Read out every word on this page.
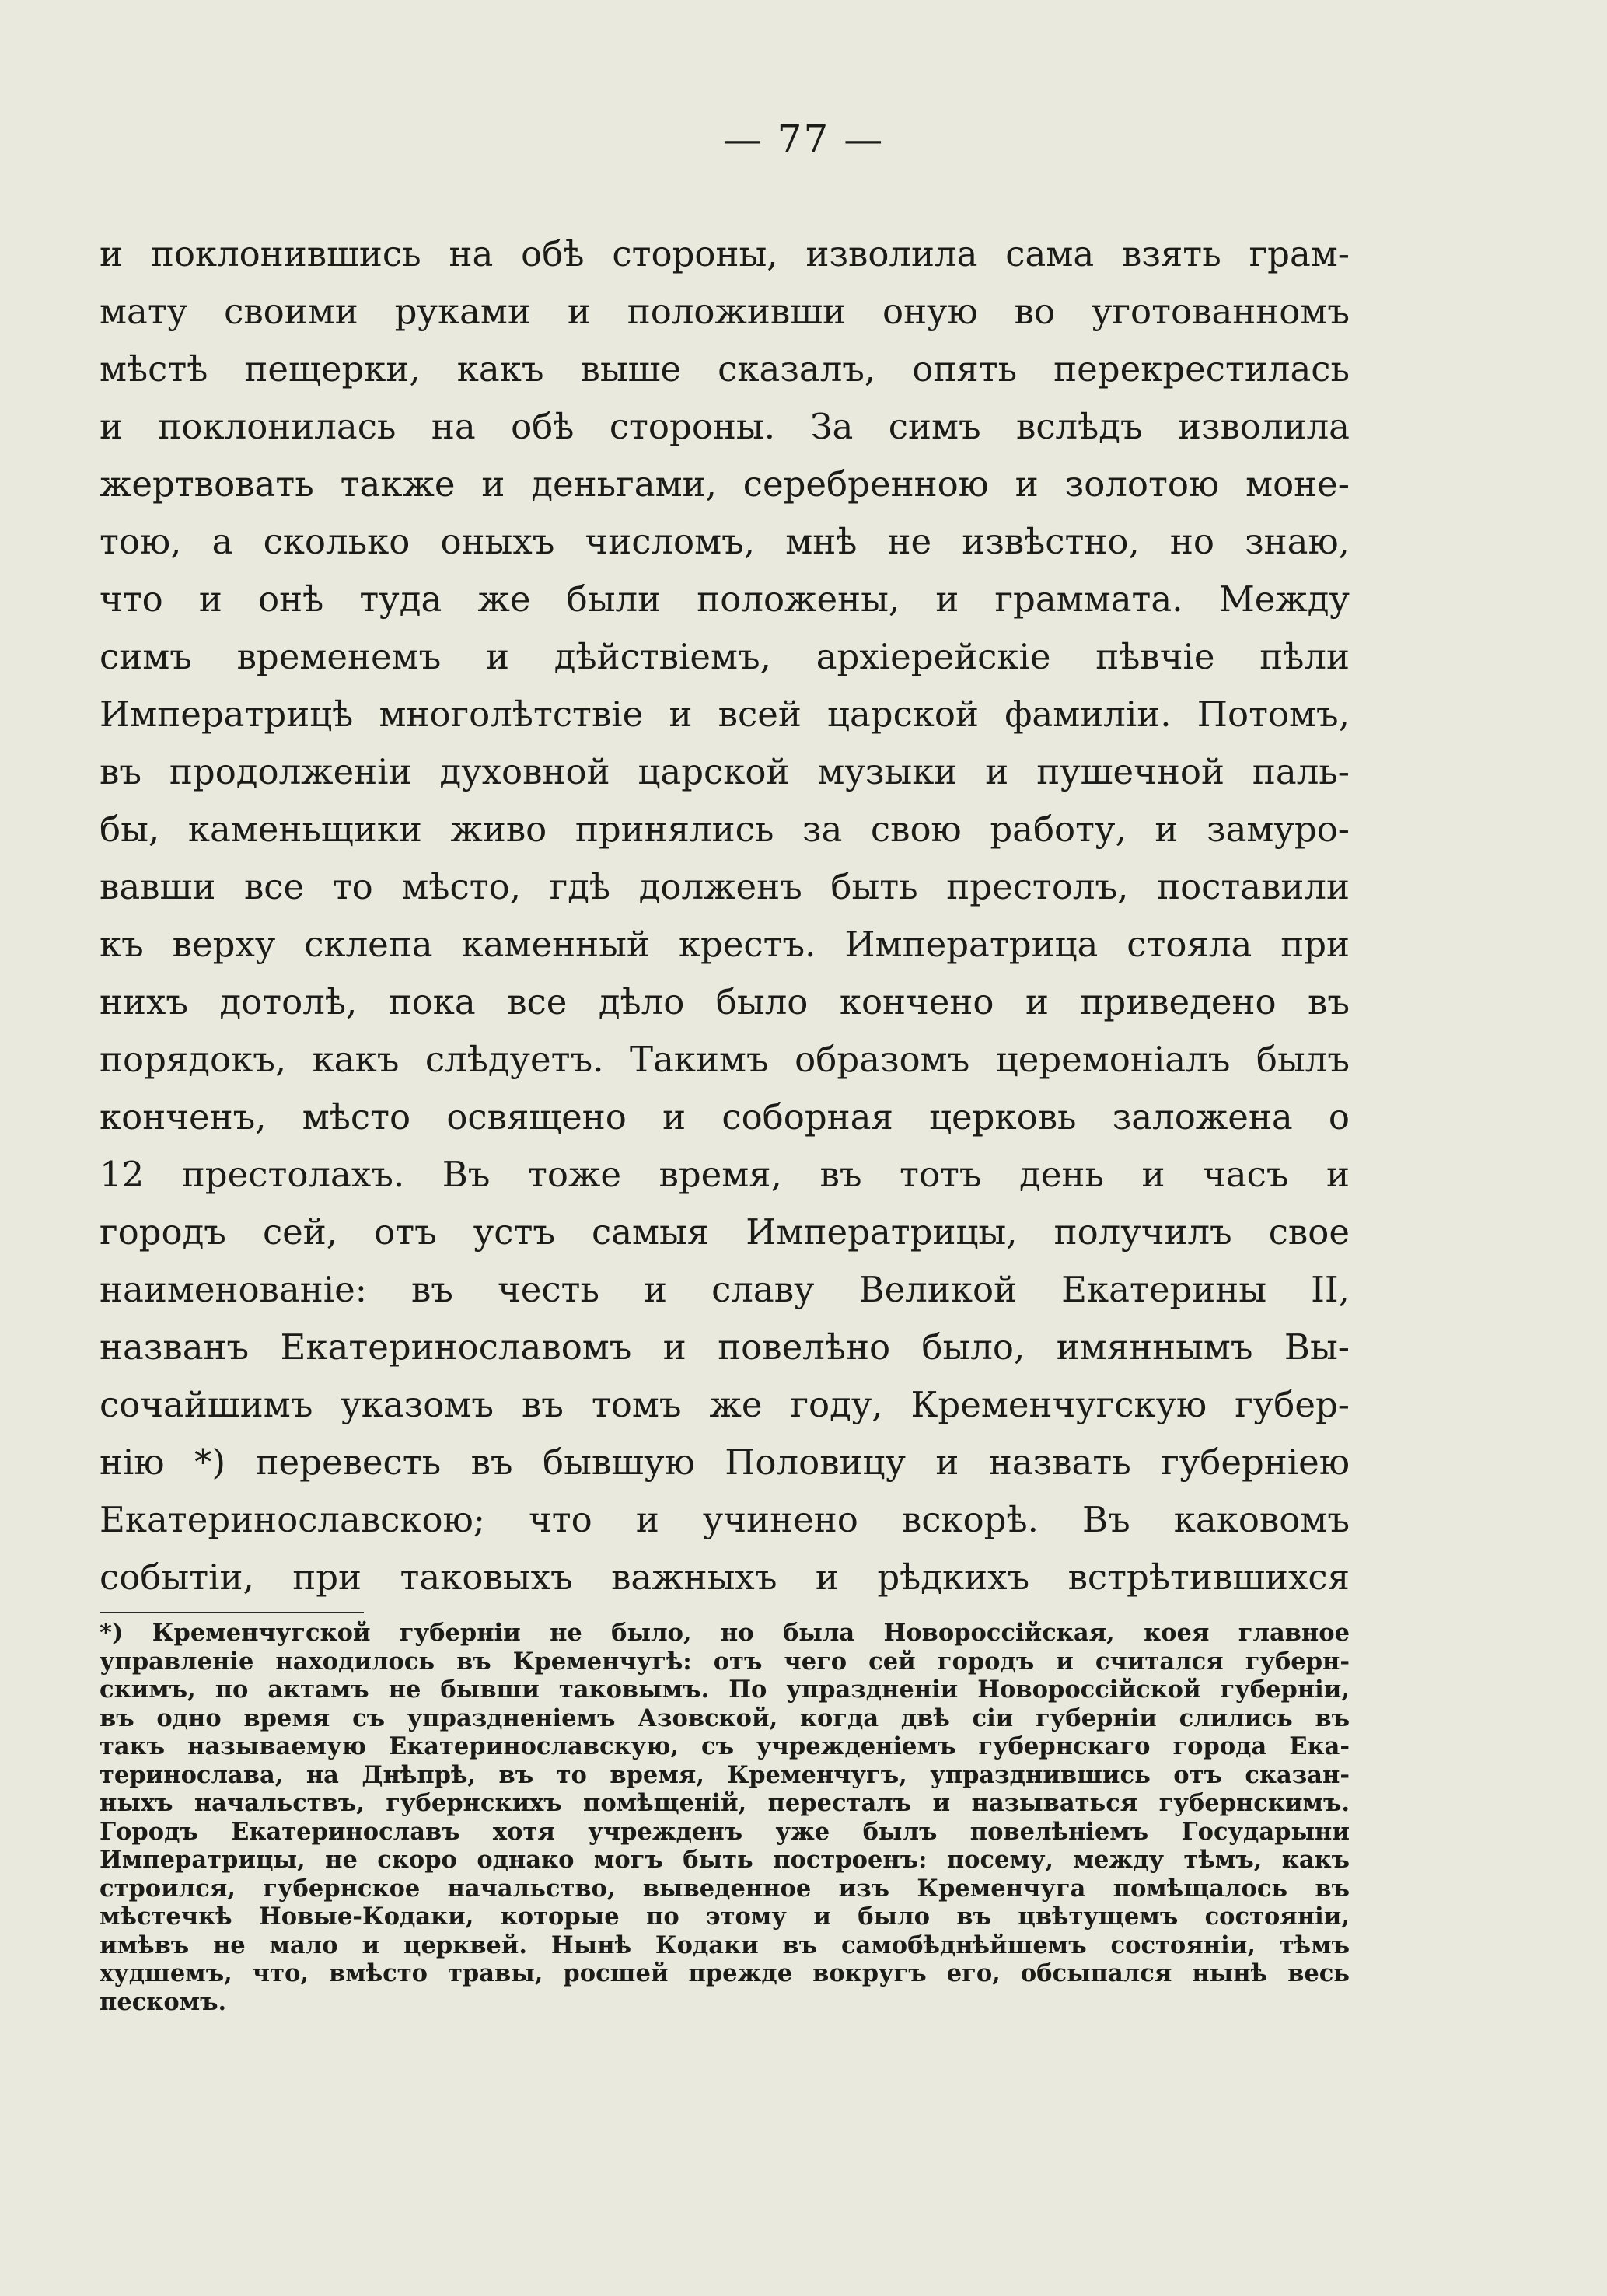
— 77 —
и поклонившись на обѣ стороны, изволила сама взять грам-
мату своими руками и положивши оную во уготованномъ
мѣстѣ пещерки, какъ выше сказалъ, опять перекрестилась
и поклонилась на обѣ стороны. За симъ вслѣдъ изволила
жертвовать также и деньгами, серебренною и золотою моне-
тою, а сколько оныхъ числомъ, мнѣ не извѣстно, но знаю,
что и онѣ туда же были положены, и граммата. Между
симъ временемъ и дѣйствіемъ, архіерейскіе пѣвчіе пѣли
Императрицѣ многолѣтствіе и всей царской фамиліи. Потомъ,
въ продолженіи духовной царской музыки и пушечной паль-
бы, каменьщики живо принялись за свою работу, и замуро-
вавши все то мѣсто, гдѣ долженъ быть престолъ, поставили
къ верху склепа каменный крестъ. Императрица стояла при
нихъ дотолѣ, пока все дѣло было кончено и приведено въ
порядокъ, какъ слѣдуетъ. Такимъ образомъ церемоніалъ былъ
конченъ, мѣсто освящено и соборная церковь заложена о
12 престолахъ. Въ тоже время, въ тотъ день и часъ и
городъ сей, отъ устъ самыя Императрицы, получилъ свое
наименованіе: въ честь и славу Великой Екатерины II,
названъ Екатеринославомъ и повелѣно было, имяннымъ Вы-
сочайшимъ указомъ въ томъ же году, Кременчугскую губер-
нію *) перевесть въ бывшую Половицу и назвать губерніею
Екатеринославскою; что и учинено вскорѣ. Въ каковомъ
событіи, при таковыхъ важныхъ и рѣдкихъ встрѣтившихся
*) Кременчугской губерніи не было, но была Новороссійская, коея главное
управленіе находилось въ Кременчугѣ: отъ чего сей городъ и считался губерн-
скимъ, по актамъ не бывши таковымъ. По упраздненіи Новороссійской губерніи,
въ одно время съ упраздненіемъ Азовской, когда двѣ сіи губерніи слились въ
такъ называемую Екатеринославскую, съ учрежденіемъ губернскаго города Ека-
теринослава, на Днѣпрѣ, въ то время, Кременчугъ, упразднившись отъ сказан-
ныхъ начальствъ, губернскихъ помѣщеній, пересталъ и называться губернскимъ.
Городъ Екатеринославъ хотя учрежденъ уже былъ повелѣніемъ Государыни
Императрицы, не скоро однако могъ быть построенъ: посему, между тѣмъ, какъ
строился, губернское начальство, выведенное изъ Кременчуга помѣщалось въ
мѣстечкѣ Новые-Кодаки, которые по этому и было въ цвѣтущемъ состояніи,
имѣвъ не мало и церквей. Нынѣ Кодаки въ самобѣднѣйшемъ состояніи, тѣмъ
худшемъ, что, вмѣсто травы, росшей прежде вокругъ его, обсыпался нынѣ весь
пескомъ.
